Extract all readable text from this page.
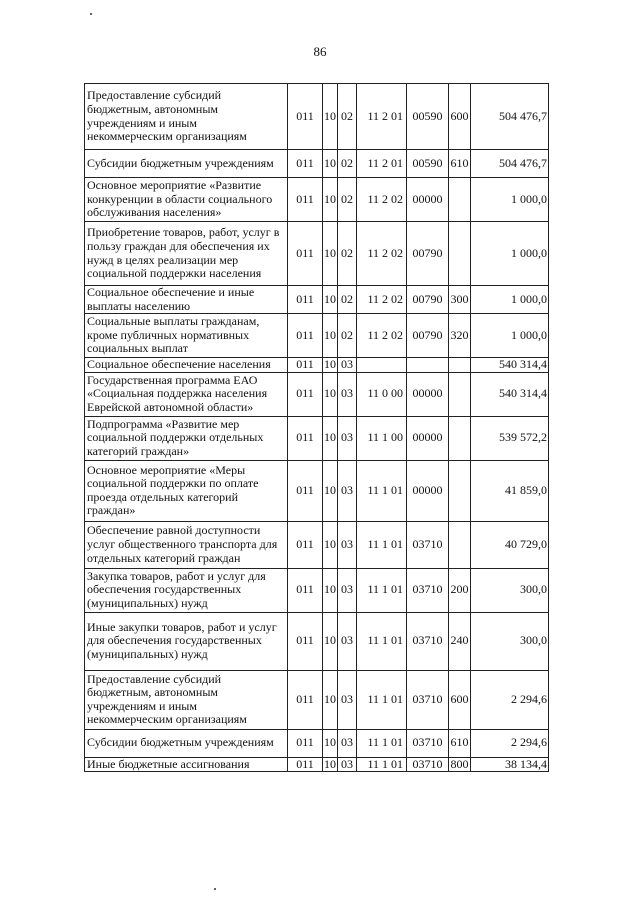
86
Предоставление субсидий бюджетным, автономным учреждениям и иным некоммерческим организациям	011	10	02	11 2 01	00590	600	504 476,7
Субсидии бюджетным учреждениям	011	10	02	11 2 01	00590	610	504 476,7
Основное мероприятие «Развитие конкуренции в области социального обслуживания населения»	011	10	02	11 2 02	00000		1 000,0
Приобретение товаров, работ, услуг в пользу граждан для обеспечения их нужд в целях реализации мер социальной поддержки населения	011	10	02	11 2 02	00790		1 000,0
Социальное обеспечение и иные выплаты населению	011	10	02	11 2 02	00790	300	1 000,0
Социальные выплаты гражданам, кроме публичных нормативных социальных выплат	011	10	02	11 2 02	00790	320	1 000,0
Социальное обеспечение населения	011	10	03				540 314,4
Государственная программа ЕАО «Социальная поддержка населения Еврейской автономной области»	011	10	03	11 0 00	00000		540 314,4
Подпрограмма «Развитие мер социальной поддержки отдельных категорий граждан»	011	10	03	11 1 00	00000		539 572,2
Основное мероприятие «Меры социальной поддержки по оплате проезда отдельных категорий граждан»	011	10	03	11 1 01	00000		41 859,0
Обеспечение равной доступности услуг общественного транспорта для отдельных категорий граждан	011	10	03	11 1 01	03710		40 729,0
Закупка товаров, работ и услуг для обеспечения государственных (муниципальных) нужд	011	10	03	11 1 01	03710	200	300,0
Иные закупки товаров, работ и услуг для обеспечения государственных (муниципальных) нужд	011	10	03	11 1 01	03710	240	300,0
Предоставление субсидий бюджетным, автономным учреждениям и иным некоммерческим организациям	011	10	03	11 1 01	03710	600	2 294,6
Субсидии бюджетным учреждениям	011	10	03	11 1 01	03710	610	2 294,6
Иные бюджетные ассигнования	011	10	03	11 1 01	03710	800	38 134,4
